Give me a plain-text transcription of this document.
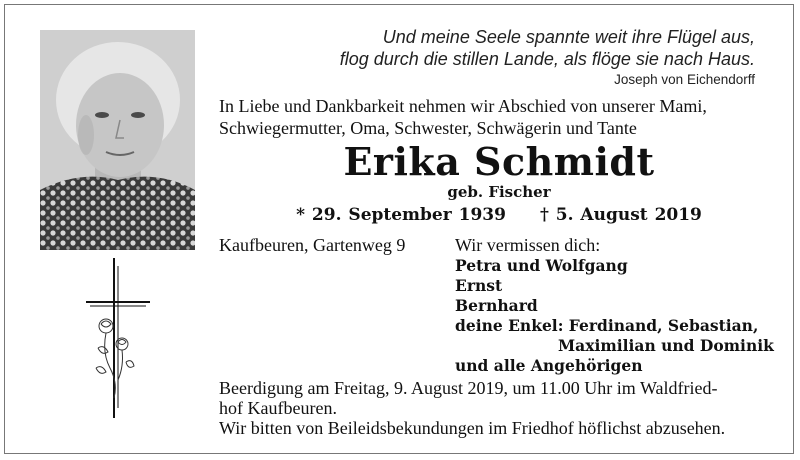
Und meine Seele spannte weit ihre Flügel aus,
flog durch die stillen Lande, als flöge sie nach Haus.
Joseph von Eichendorff
In Liebe und Dankbarkeit nehmen wir Abschied von unserer Mami,
Schwiegermutter, Oma, Schwester, Schwägerin und Tante
Erika Schmidt
geb. Fischer
* 29. September 1939 † 5. August 2019
Kaufbeuren, Gartenweg 9	Wir vermissen dich:
Petra und Wolfgang
Ernst
Bernhard
deine Enkel: Ferdinand, Sebastian,
Maximilian und Dominik
und alle Angehörigen
Beerdigung am Freitag, 9. August 2019, um 11.00 Uhr im Waldfried-
hof Kaufbeuren.
Wir bitten von Beileidsbekundungen im Friedhof höflichst abzusehen.
